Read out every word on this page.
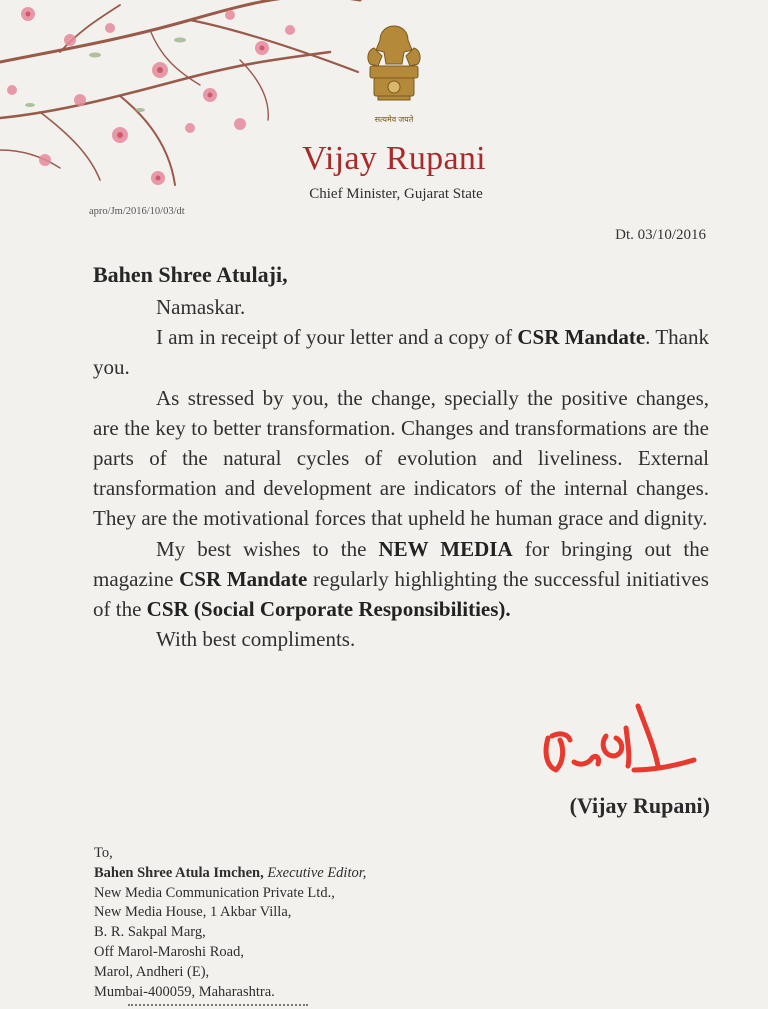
सत्यमेव जयते
Vijay Rupani
Chief Minister, Gujarat State
apro/Jm/2016/10/03/dt
Dt. 03/10/2016
Bahen Shree Atulaji,

Namaskar.

I am in receipt of your letter and a copy of CSR Mandate. Thank you.

As stressed by you, the change, specially the positive changes, are the key to better transformation. Changes and transformations are the parts of the natural cycles of evolution and liveliness. External transformation and development are indicators of the internal changes. They are the motivational forces that upheld he human grace and dignity.

My best wishes to the NEW MEDIA for bringing out the magazine CSR Mandate regularly highlighting the successful initiatives of the CSR (Social Corporate Responsibilities).

With best compliments.

(Vijay Rupani)
To,
Bahen Shree Atula Imchen, Executive Editor,
New Media Communication Private Ltd.,
New Media House, 1 Akbar Villa,
B. R. Sakpal Marg,
Off Marol-Maroshi Road,
Marol, Andheri (E),
Mumbai-400059, Maharashtra.
